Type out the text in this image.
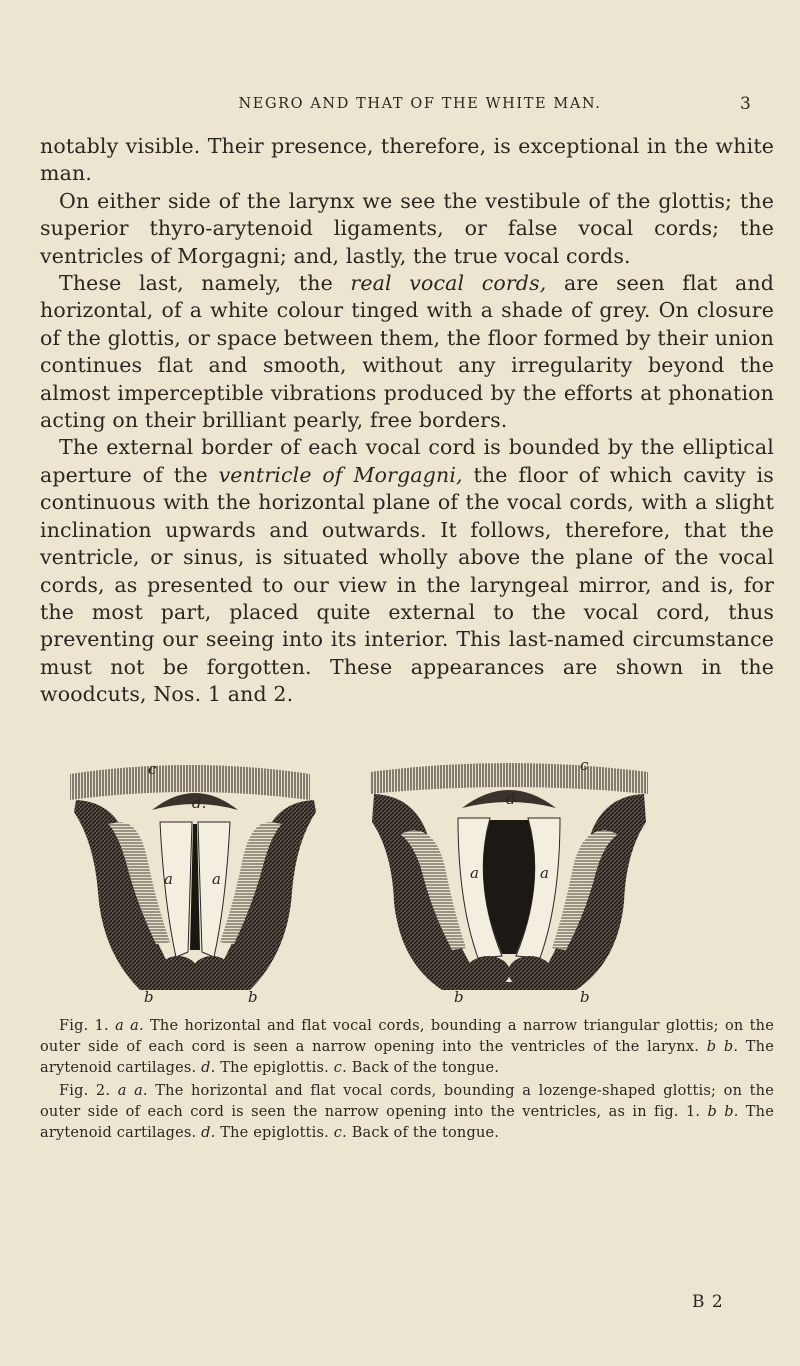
NEGRO AND THAT OF THE WHITE MAN.	3

notably visible. Their presence, therefore, is exceptional in the white man.

On either side of the larynx we see the vestibule of the glottis; the superior thyro-arytenoid ligaments, or false vocal cords; the ventricles of Morgagni; and, lastly, the true vocal cords.

These last, namely, the real vocal cords, are seen flat and horizontal, of a white colour tinged with a shade of grey. On closure of the glottis, or space between them, the floor formed by their union continues flat and smooth, without any irregularity beyond the almost imperceptible vibrations produced by the efforts at phonation acting on their brilliant pearly, free borders.

The external border of each vocal cord is bounded by the elliptical aperture of the ventricle of Morgagni, the floor of which cavity is continuous with the horizontal plane of the vocal cords, with a slight inclination upwards and outwards. It follows, therefore, that the ventricle, or sinus, is situated wholly above the plane of the vocal cords, as presented to our view in the laryngeal mirror, and is, for the most part, placed quite external to the vocal cord, thus preventing our seeing into its interior. This last-named circumstance must not be forgotten. These appearances are shown in the woodcuts, Nos. 1 and 2.

c
d.
a	a
b	b
c
d
a	a
b	b

Fig. 1. a a. The horizontal and flat vocal cords, bounding a narrow triangular glottis; on the outer side of each cord is seen a narrow opening into the ventricles of the larynx. b b. The arytenoid cartilages. d. The epiglottis. c. Back of the tongue.

Fig. 2. a a. The horizontal and flat vocal cords, bounding a lozenge-shaped glottis; on the outer side of each cord is seen the narrow opening into the ventricles, as in fig. 1. b b. The arytenoid cartilages. d. The epiglottis. c. Back of the tongue.

B 2
